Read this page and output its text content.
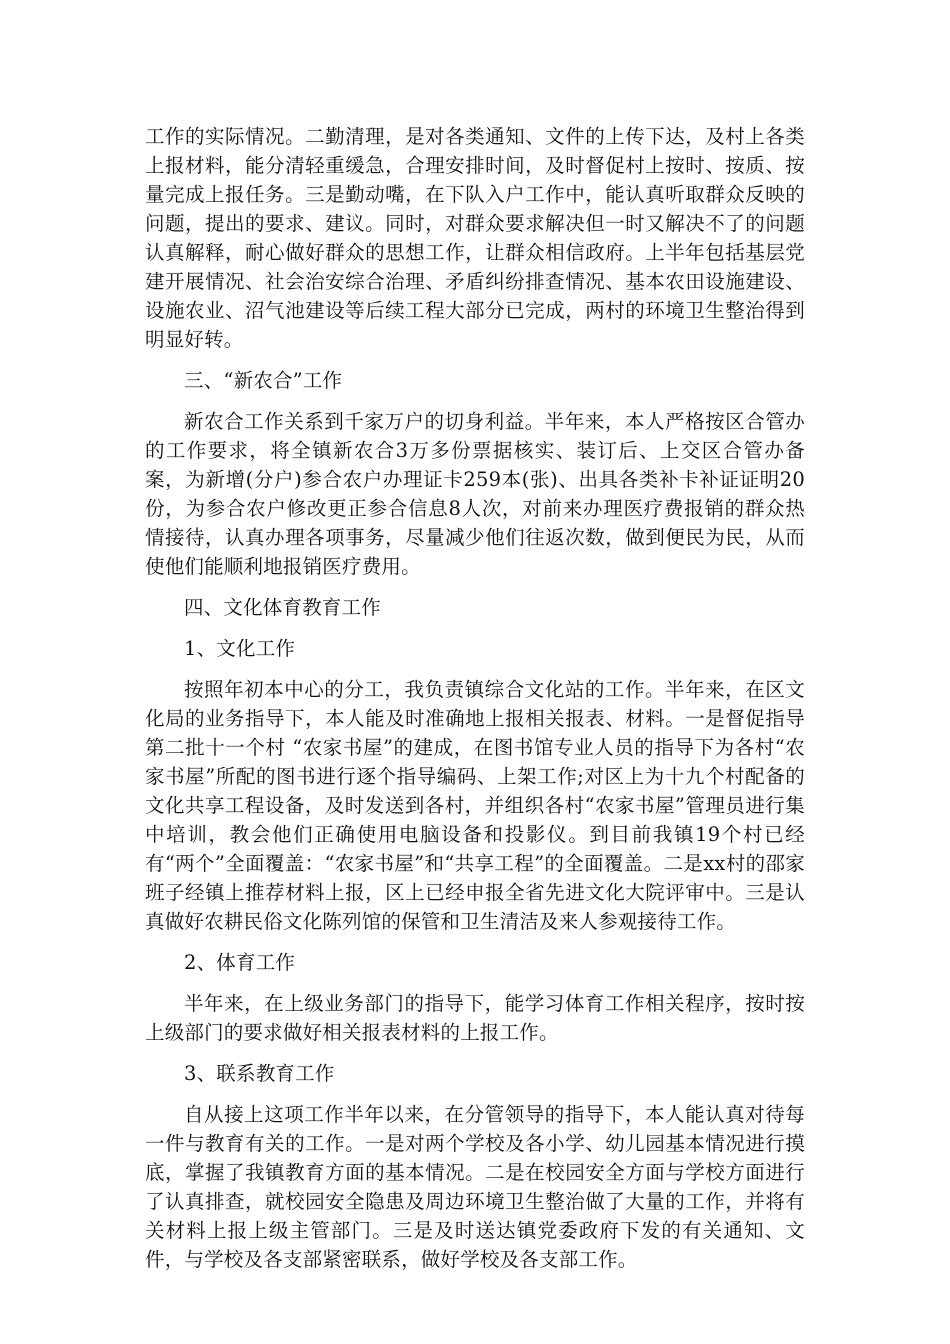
工作的实际情况。二勤清理，是对各类通知、文件的上传下达，及村上各类上报材料，能分清轻重缓急，合理安排时间，及时督促村上按时、按质、按量完成上报任务。三是勤动嘴，在下队入户工作中，能认真听取群众反映的问题，提出的要求、建议。同时，对群众要求解决但一时又解决不了的问题认真解释，耐心做好群众的思想工作，让群众相信政府。上半年包括基层党建开展情况、社会治安综合治理、矛盾纠纷排查情况、基本农田设施建设、设施农业、沼气池建设等后续工程大部分已完成，两村的环境卫生整治得到明显好转。

三、“新农合”工作

新农合工作关系到千家万户的切身利益。半年来，本人严格按区合管办的工作要求，将全镇新农合3万多份票据核实、装订后、上交区合管办备案，为新增(分户)参合农户办理证卡259本(张)、出具各类补卡补证证明20份，为参合农户修改更正参合信息8人次，对前来办理医疗费报销的群众热情接待，认真办理各项事务，尽量减少他们往返次数，做到便民为民，从而使他们能顺利地报销医疗费用。

四、文化体育教育工作

1、文化工作

按照年初本中心的分工，我负责镇综合文化站的工作。半年来，在区文化局的业务指导下，本人能及时准确地上报相关报表、材料。一是督促指导第二批十一个村 “农家书屋”的建成，在图书馆专业人员的指导下为各村“农家书屋”所配的图书进行逐个指导编码、上架工作;对区上为十九个村配备的文化共享工程设备，及时发送到各村，并组织各村“农家书屋”管理员进行集中培训，教会他们正确使用电脑设备和投影仪。到目前我镇19个村已经有“两个”全面覆盖：“农家书屋”和“共享工程”的全面覆盖。二是xx村的邵家班子经镇上推荐材料上报，区上已经申报全省先进文化大院评审中。三是认真做好农耕民俗文化陈列馆的保管和卫生清洁及来人参观接待工作。

2、体育工作

半年来，在上级业务部门的指导下，能学习体育工作相关程序，按时按上级部门的要求做好相关报表材料的上报工作。

3、联系教育工作

自从接上这项工作半年以来，在分管领导的指导下，本人能认真对待每一件与教育有关的工作。一是对两个学校及各小学、幼儿园基本情况进行摸底，掌握了我镇教育方面的基本情况。二是在校园安全方面与学校方面进行了认真排查，就校园安全隐患及周边环境卫生整治做了大量的工作，并将有关材料上报上级主管部门。三是及时送达镇党委政府下发的有关通知、文件，与学校及各支部紧密联系，做好学校及各支部工作。
